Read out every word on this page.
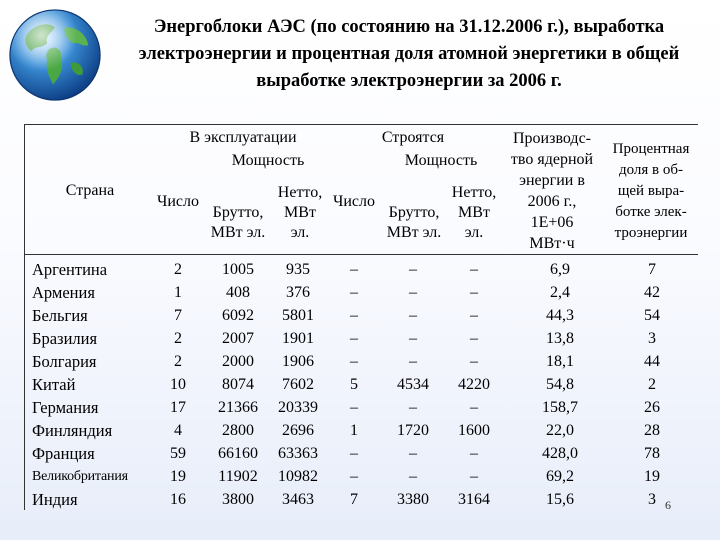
Энергоблоки АЭС (по состоянию на 31.12.2006 г.), выработка
электроэнергии и процентная доля атомной энергетики в общей
выработке электроэнергии за 2006 г.
Страна
В эксплуатации
Мощность
Число
Брутто,
МВт эл.
Нетто,
МВт
эл.
Строятся
Мощность
Число
Брутто,
МВт эл.
Нетто,
МВт
эл.
Производс-
тво ядерной
энергии в
2006 г.,
1Е+06
МВт·ч
Процентная
доля в об-
щей выра-
ботке элек-
троэнергии
Аргентина
Армения
Бельгия
Бразилия
Болгария
Китай
Германия
Финляндия
Франция
Великобритания
Индия
2
1
7
2
2
10
17
4
59
19
16
1005
408
6092
2007
2000
8074
21366
2800
66160
11902
3800
935
376
5801
1901
1906
7602
20339
2696
63363
10982
3463
–
–
–
–
–
5
–
1
–
–
7
–
–
–
–
–
4534
–
1720
–
–
3380
–
–
–
–
–
4220
–
1600
–
–
3164
6,9
2,4
44,3
13,8
18,1
54,8
158,7
22,0
428,0
69,2
15,6
7
42
54
3
44
2
26
28
78
19
3 6
